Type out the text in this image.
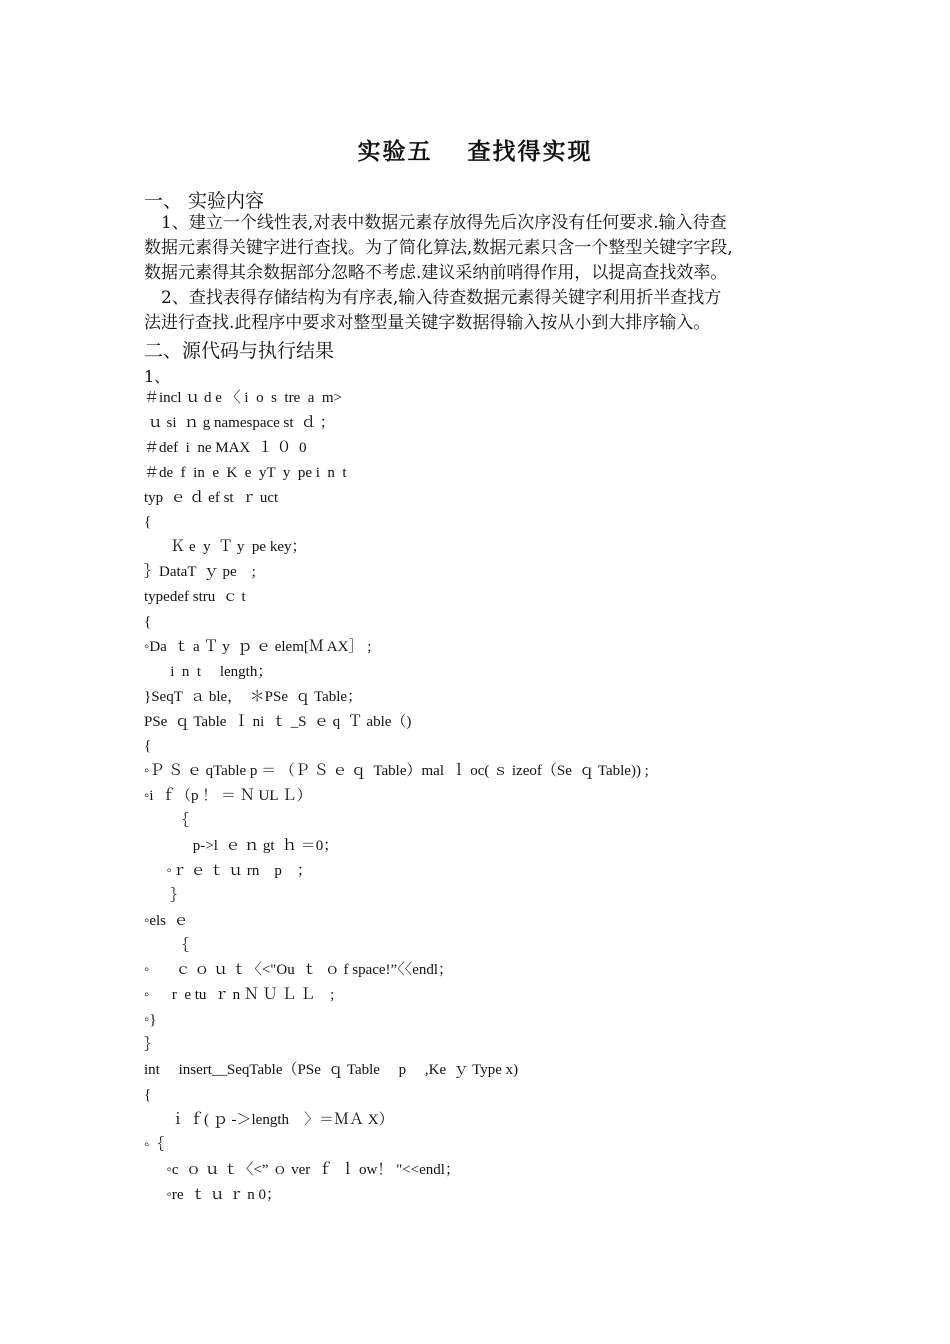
实验五　 查找得实现
一、 实验内容
　1、建立一个线性表,对表中数据元素存放得先后次序没有任何要求.输入待查
数据元素得关键字进行查找。为了简化算法,数据元素只含一个整型关键字字段,
数据元素得其余数据部分忽略不考虑.建议采纳前哨得作用，以提高查找效率。
　2、查找表得存储结构为有序表,输入待查数据元素得关键字利用折半查找方
法进行查找.此程序中要求对整型量关键字数据得输入按从小到大排序输入。
二、源代码与执行结果
1、
＃incl ｕ d e 〈 i  o  s  tre  a  m>
ｕ si  ｎ g namespace st  ｄ ；
＃def  i  ne MAX  １ ０  0
＃de  f  in  e  K  e  yT  y  pe i  n  t
typ  ｅ ｄ ef st  ｒ uct
{
Ｋ e  y  Ｔ y  pe key；
｝DataT  ｙ pe    ;
typedef stru  ｃ t
{
◦Da  ｔ a Ｔ y  ｐ ｅ elem[Ｍ AX］ ;
i  n  t     length；
}SeqT  ａ ble，  ＊PSe  ｑ Table；
PSe  ｑ Table  Ｉ ni  ｔ _S  ｅ q  Ｔ able（)
{
◦Ｐ Ｓ ｅ qTable p ＝ （Ｐ Ｓ ｅ ｑ  Table）mal  ｌ oc( ｓ izeof（Se  ｑ Table)) ;
◦i  ｆ（p ！ ＝ Ｎ UL Ｌ）
｛
p->l  ｅ ｎ gt  ｈ ＝0；
◦ｒ ｅ ｔ ｕ rn    p    ；
｝
◦els  ｅ
｛
◦       ｃ ｏ ｕ ｔ〈<"Ou  ｔ  ｏ f space!”〈〈endl；
◦      r  e tu  ｒ n Ｎ Ｕ Ｌ Ｌ    ;
◦}
｝
int     insert__SeqTable（PSe  ｑ Table     p     ,Ke  ｙ Type x)
{
ｉ ｆ( ｐ -＞length    〉＝ＭＡ X）
◦｛
◦c  ｏ ｕ ｔ〈<” ｏ ver  ｆ  ｌ ow！ "<<endl；
◦re  ｔ ｕ ｒ n 0；
